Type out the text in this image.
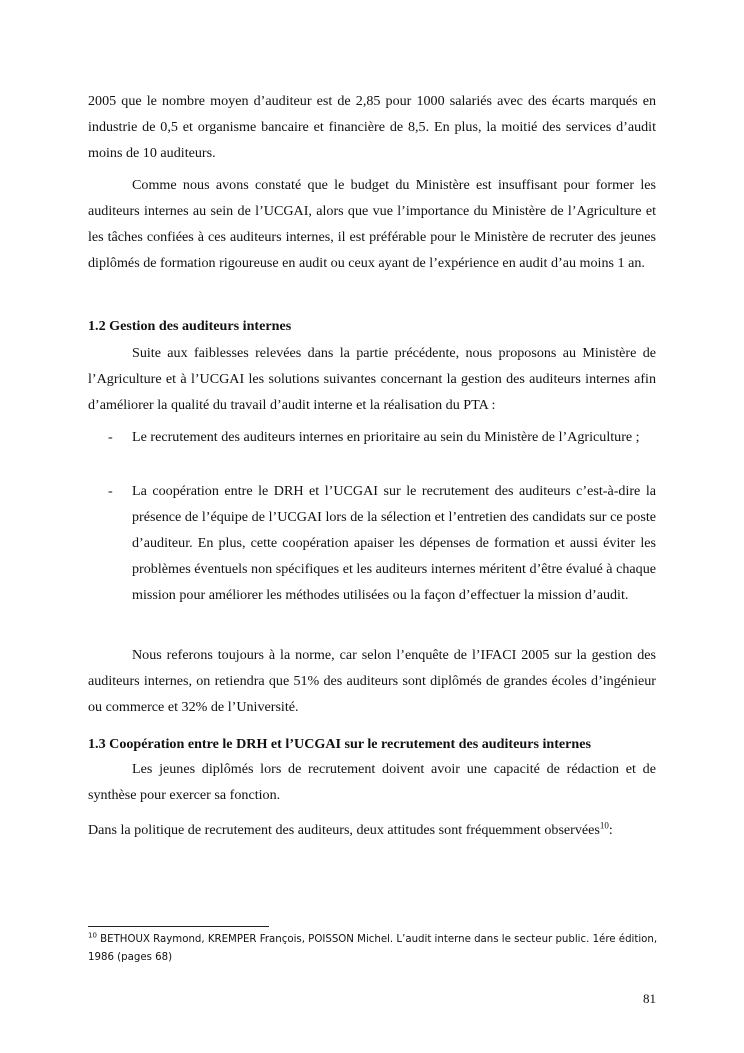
2005 que le nombre moyen d’auditeur est de 2,85 pour 1000 salariés avec des écarts marqués en industrie de 0,5 et organisme bancaire et financière de 8,5. En plus, la moitié des services d’audit moins de 10 auditeurs.

Comme nous avons constaté que le budget du Ministère est insuffisant pour former les auditeurs internes au sein de l’UCGAI, alors que vue l’importance du Ministère de l’Agriculture et les tâches confiées à ces auditeurs internes, il est préférable pour le Ministère de recruter des jeunes diplômés de formation rigoureuse en audit ou ceux ayant de l’expérience en audit d’au moins 1 an.

1.2 Gestion des auditeurs internes

Suite aux faiblesses relevées dans la partie précédente, nous proposons au Ministère de l’Agriculture et à l’UCGAI les solutions suivantes concernant la gestion des auditeurs internes afin d’améliorer la qualité du travail d’audit interne et la réalisation du PTA :

- Le recrutement des auditeurs internes en prioritaire au sein du Ministère de l’Agriculture ;

- La coopération entre le DRH et l’UCGAI sur le recrutement des auditeurs c’est-à-dire la présence de l’équipe de l’UCGAI lors de la sélection et l’entretien des candidats sur ce poste d’auditeur. En plus, cette coopération apaiser les dépenses de formation et aussi éviter les problèmes éventuels non spécifiques et les auditeurs internes méritent d’être évalué à chaque mission pour améliorer les méthodes utilisées ou la façon d’effectuer la mission d’audit.

Nous referons toujours à la norme, car selon l’enquête de l’IFACI 2005 sur la gestion des auditeurs internes, on retiendra que 51% des auditeurs sont diplômés de grandes écoles d’ingénieur ou commerce et 32% de l’Université.

1.3 Coopération entre le DRH et l’UCGAI sur le recrutement des auditeurs internes

Les jeunes diplômés lors de recrutement doivent avoir une capacité de rédaction et de synthèse pour exercer sa fonction.

Dans la politique de recrutement des auditeurs, deux attitudes sont fréquemment observées$^{10}$:

$^{10}$ BETHOUX Raymond, KREMPER François, POISSON Michel. L’audit interne dans le secteur public. 1ére édition, 1986 (pages 68)

81
